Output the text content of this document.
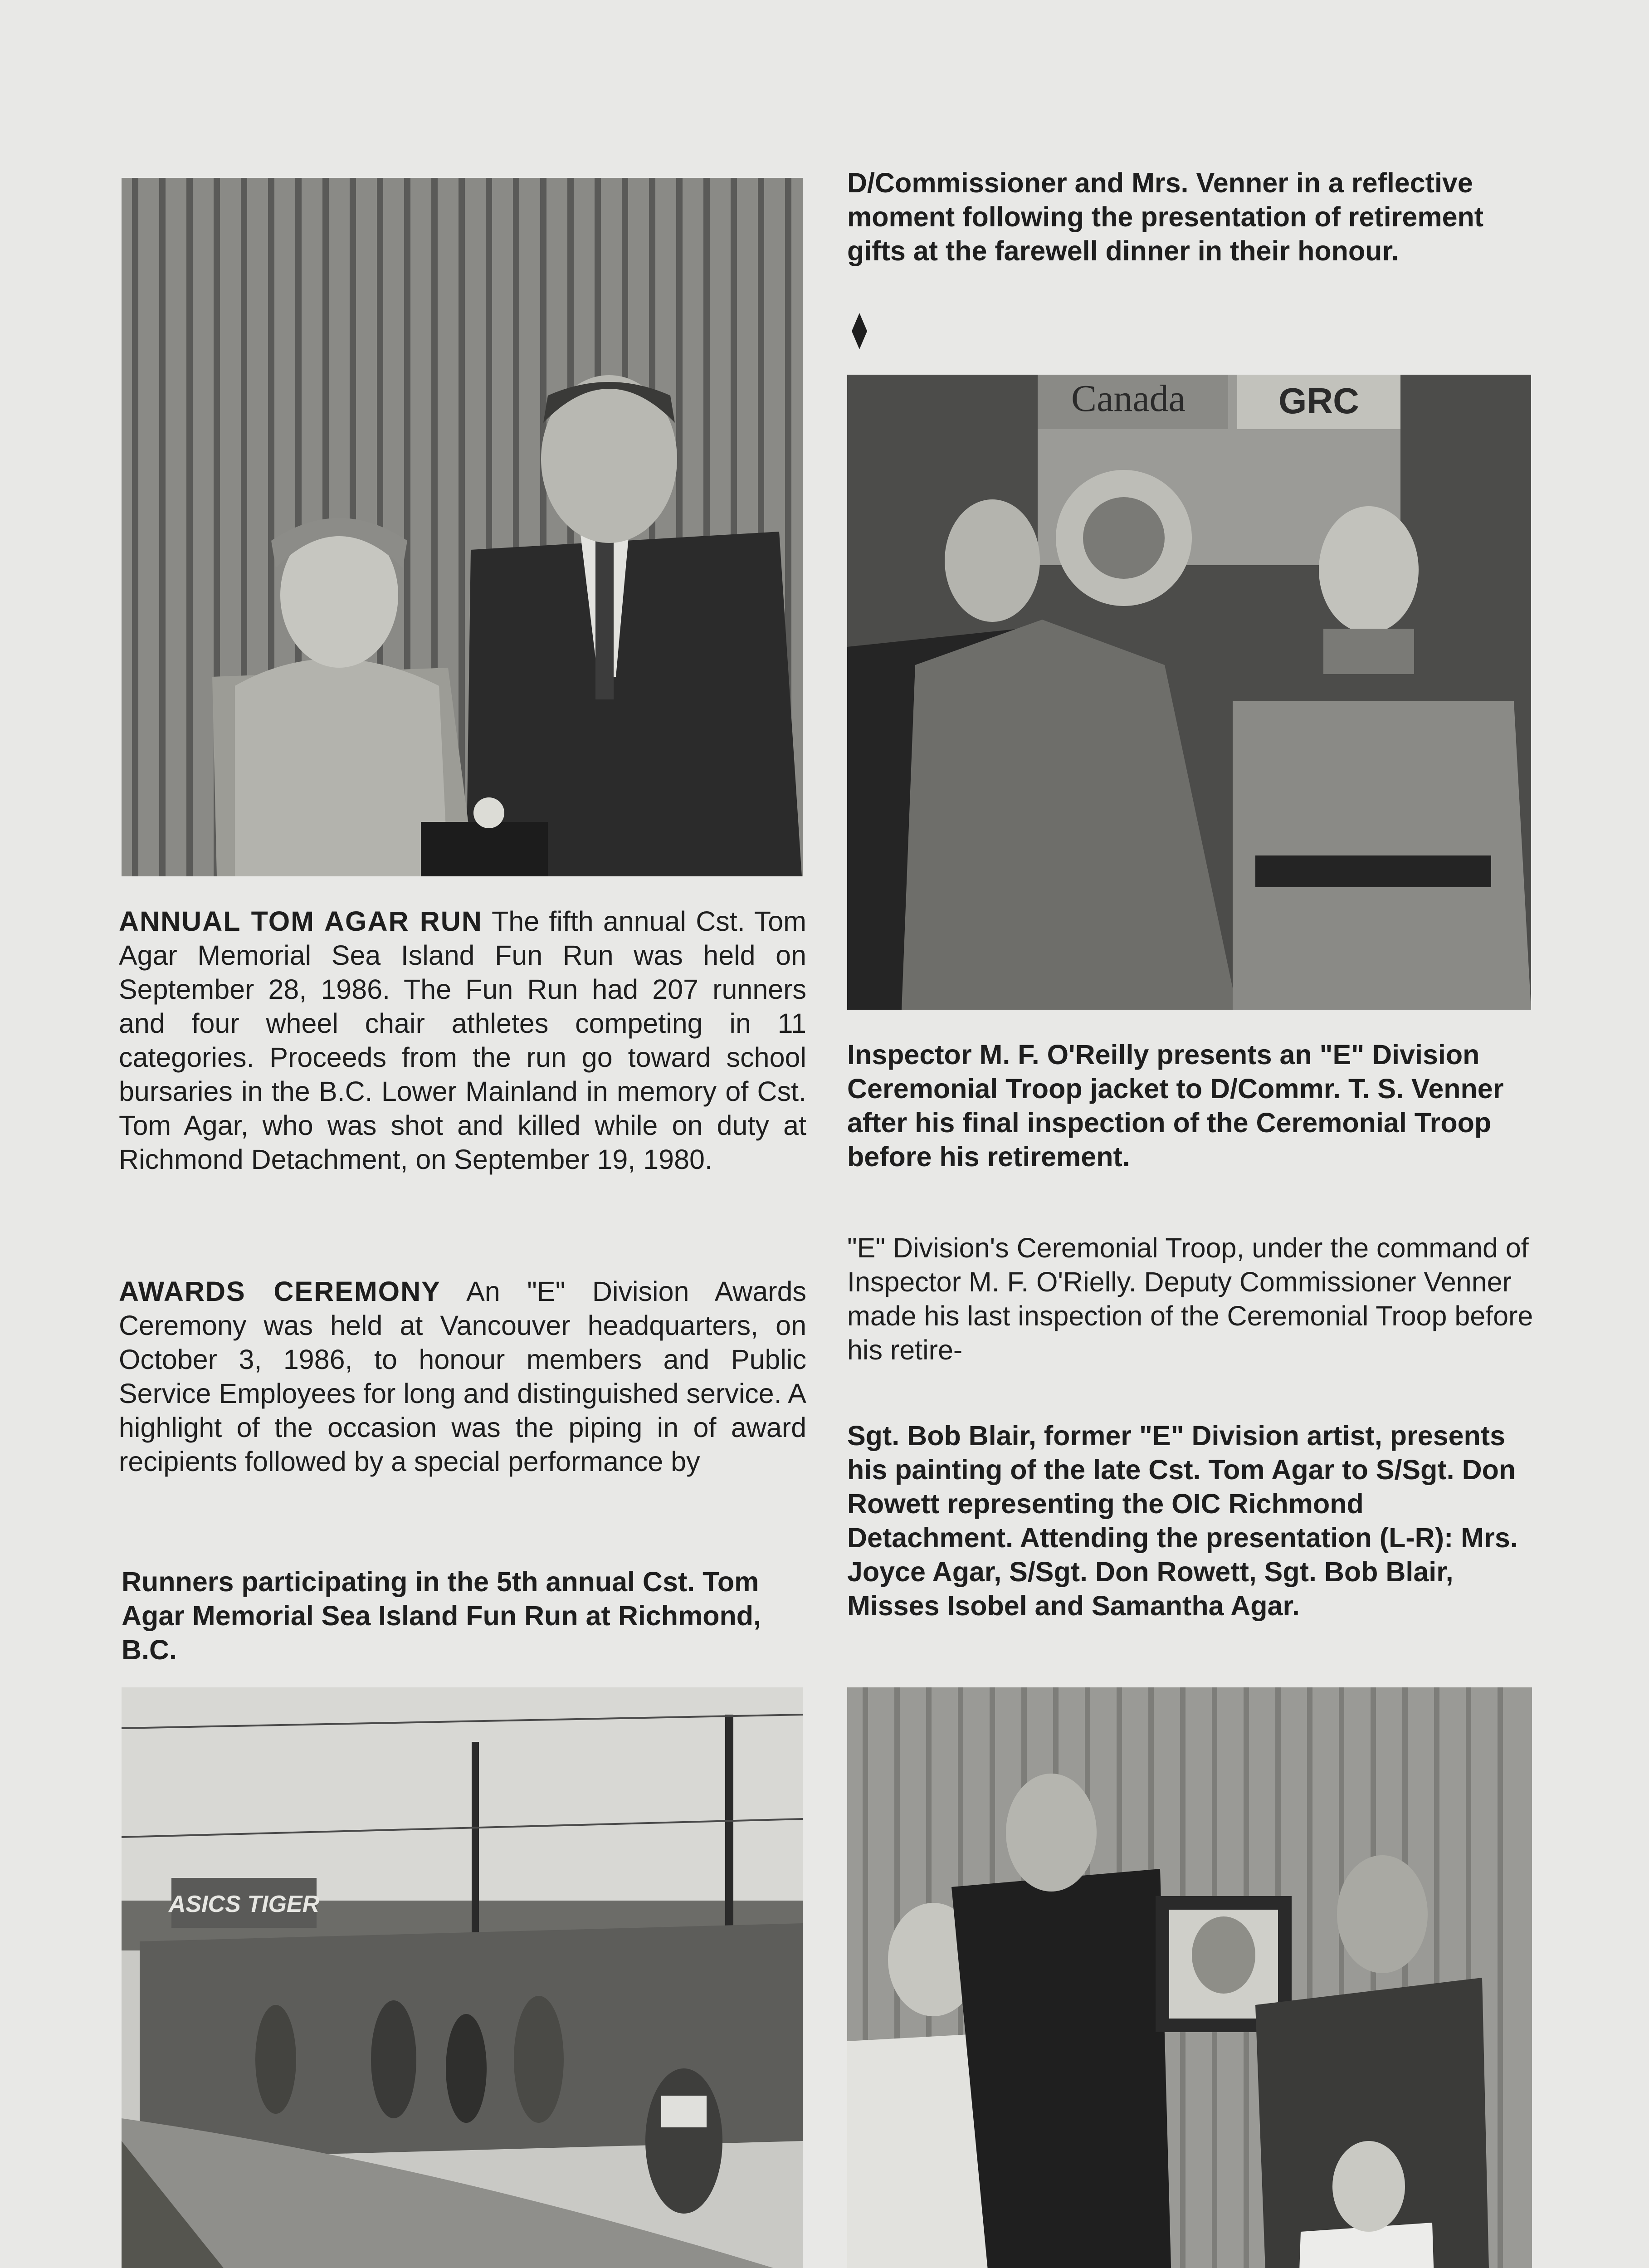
D/Commissioner and Mrs. Venner in a reflective moment following the presentation of retirement gifts at the farewell dinner in their honour.

Canada	GRC

ANNUAL TOM AGAR RUN The fifth annual Cst. Tom Agar Memorial Sea Island Fun Run was held on September 28, 1986. The Fun Run had 207 runners and four wheel chair athletes competing in 11 categories. Proceeds from the run go toward school bursaries in the B.C. Lower Mainland in memory of Cst. Tom Agar, who was shot and killed while on duty at Richmond Detachment, on September 19, 1980.

AWARDS CEREMONY An "E" Division Awards Ceremony was held at Vancouver headquarters, on October 3, 1986, to honour members and Public Service Employees for long and distinguished service. A highlight of the occasion was the piping in of award recipients followed by a special performance by

Inspector M. F. O'Reilly presents an "E" Division Ceremonial Troop jacket to D/Commr. T. S. Venner after his final inspection of the Ceremonial Troop before his retirement.

"E" Division's Ceremonial Troop, under the command of Inspector M. F. O'Rielly. Deputy Commissioner Venner made his last inspection of the Ceremonial Troop before his retire-

Sgt. Bob Blair, former "E" Division artist, presents his painting of the late Cst. Tom Agar to S/Sgt. Don Rowett representing the OIC Richmond Detachment. Attending the presentation (L-R): Mrs. Joyce Agar, S/Sgt. Don Rowett, Sgt. Bob Blair, Misses Isobel and Samantha Agar.

Runners participating in the 5th annual Cst. Tom Agar Memorial Sea Island Fun Run at Richmond, B.C.

ASICS TIGER
